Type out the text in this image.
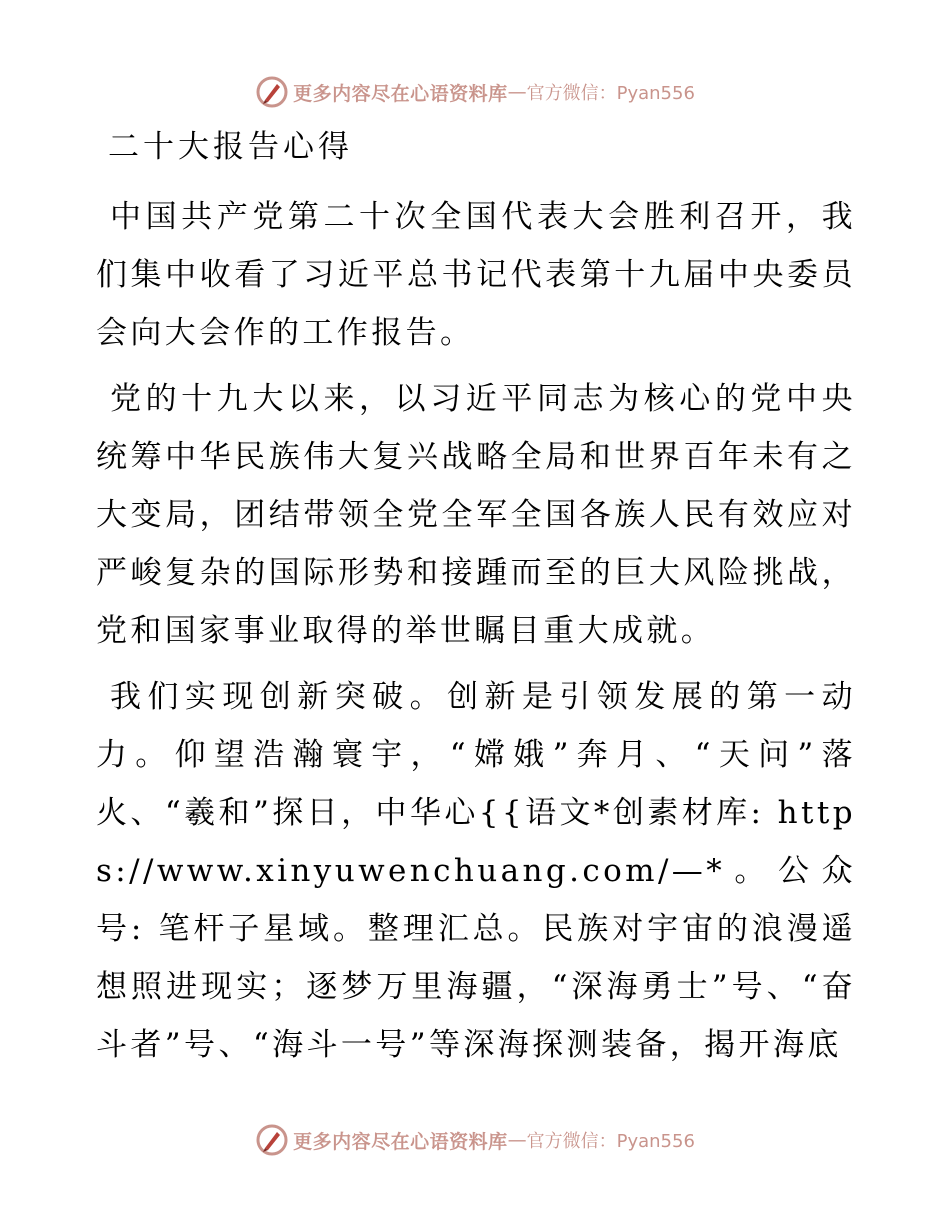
更多内容尽在心语资料库 — 官方微信：Pyan556
二十大报告心得

中国共产党第二十次全国代表大会胜利召开，我们集中收看了习近平总书记代表第十九届中央委员会向大会作的工作报告。

党的十九大以来，以习近平同志为核心的党中央统筹中华民族伟大复兴战略全局和世界百年未有之大变局，团结带领全党全军全国各族人民有效应对严峻复杂的国际形势和接踵而至的巨大风险挑战，党和国家事业取得的举世瞩目重大成就。

我们实现创新突破。创新是引领发展的第一动力。仰望浩瀚寰宇，“嫦娥”奔月、“天问”落火、“羲和”探日，中华心{{语文*创素材库: https://www.xinyuwenchuang.com/—*。公众号: 笔杆子星域。整理汇总。民族对宇宙的浪漫遥想照进现实；逐梦万里海疆，“深海勇士”号、“奋斗者”号、“海斗一号”等深海探测装备，揭开海底

更多内容尽在心语资料库 — 官方微信：Pyan556
